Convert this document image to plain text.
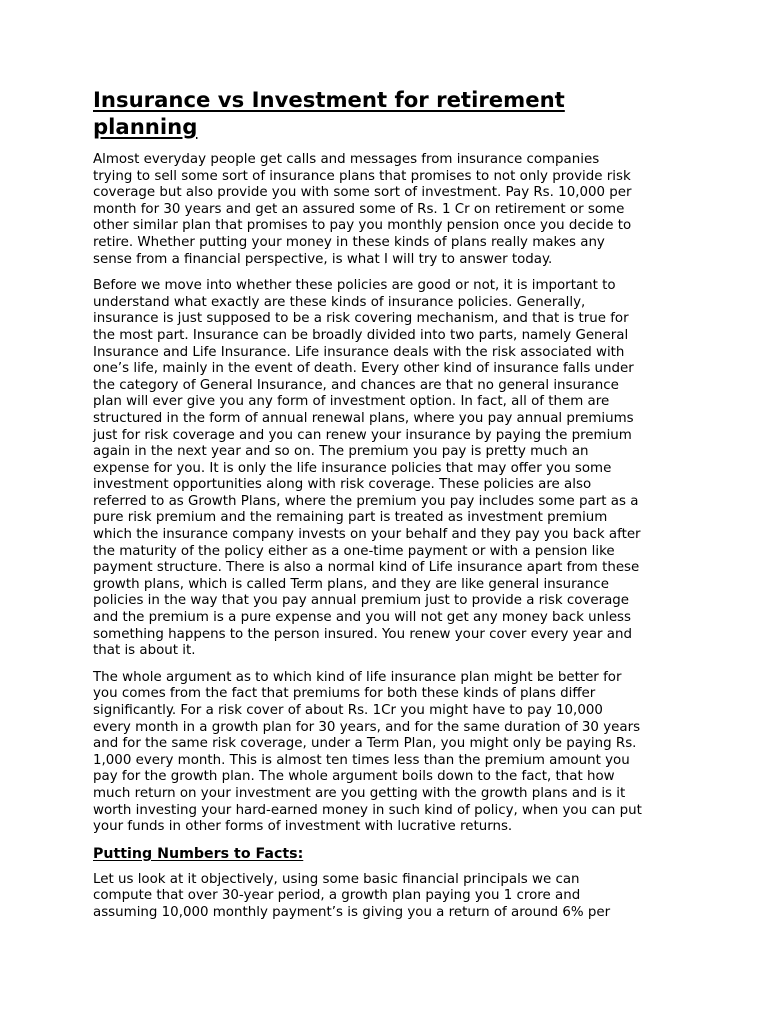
Insurance vs Investment for retirement
planning

Almost everyday people get calls and messages from insurance companies
trying to sell some sort of insurance plans that promises to not only provide risk
coverage but also provide you with some sort of investment. Pay Rs. 10,000 per
month for 30 years and get an assured some of Rs. 1 Cr on retirement or some
other similar plan that promises to pay you monthly pension once you decide to
retire. Whether putting your money in these kinds of plans really makes any
sense from a financial perspective, is what I will try to answer today.

Before we move into whether these policies are good or not, it is important to
understand what exactly are these kinds of insurance policies. Generally,
insurance is just supposed to be a risk covering mechanism, and that is true for
the most part. Insurance can be broadly divided into two parts, namely General
Insurance and Life Insurance. Life insurance deals with the risk associated with
one’s life, mainly in the event of death. Every other kind of insurance falls under
the category of General Insurance, and chances are that no general insurance
plan will ever give you any form of investment option. In fact, all of them are
structured in the form of annual renewal plans, where you pay annual premiums
just for risk coverage and you can renew your insurance by paying the premium
again in the next year and so on. The premium you pay is pretty much an
expense for you. It is only the life insurance policies that may offer you some
investment opportunities along with risk coverage. These policies are also
referred to as Growth Plans, where the premium you pay includes some part as a
pure risk premium and the remaining part is treated as investment premium
which the insurance company invests on your behalf and they pay you back after
the maturity of the policy either as a one-time payment or with a pension like
payment structure. There is also a normal kind of Life insurance apart from these
growth plans, which is called Term plans, and they are like general insurance
policies in the way that you pay annual premium just to provide a risk coverage
and the premium is a pure expense and you will not get any money back unless
something happens to the person insured. You renew your cover every year and
that is about it.

The whole argument as to which kind of life insurance plan might be better for
you comes from the fact that premiums for both these kinds of plans differ
significantly. For a risk cover of about Rs. 1Cr you might have to pay 10,000
every month in a growth plan for 30 years, and for the same duration of 30 years
and for the same risk coverage, under a Term Plan, you might only be paying Rs.
1,000 every month. This is almost ten times less than the premium amount you
pay for the growth plan. The whole argument boils down to the fact, that how
much return on your investment are you getting with the growth plans and is it
worth investing your hard-earned money in such kind of policy, when you can put
your funds in other forms of investment with lucrative returns.

Putting Numbers to Facts:

Let us look at it objectively, using some basic financial principals we can
compute that over 30-year period, a growth plan paying you 1 crore and
assuming 10,000 monthly payment’s is giving you a return of around 6% per
